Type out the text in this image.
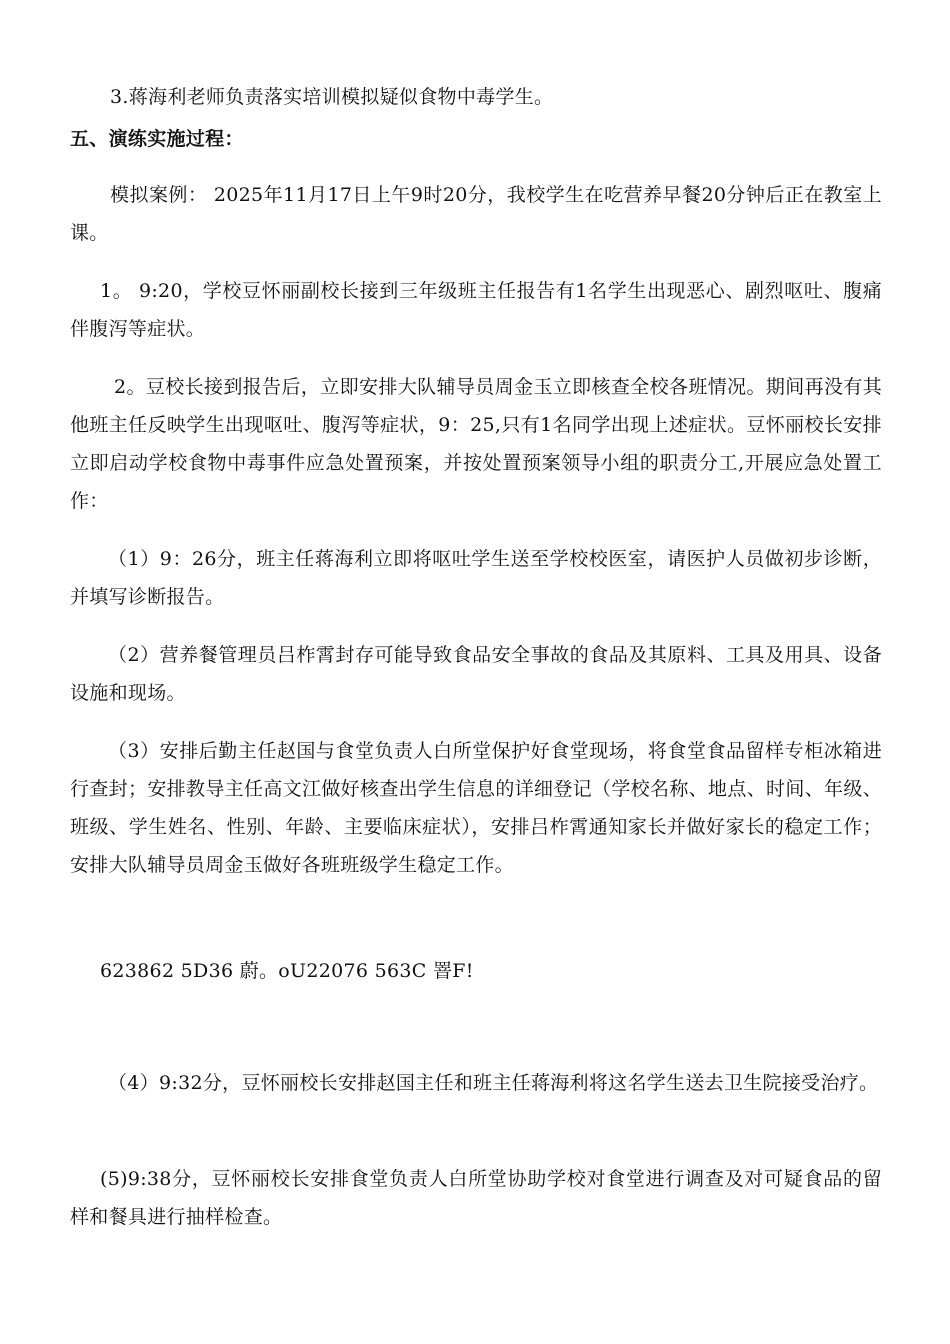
3.蒋海利老师负责落实培训模拟疑似食物中毒学生。

五、演练实施过程：

模拟案例： 2025年11月17日上午9时20分，我校学生在吃营养早餐20分钟后正在教室上课。

1。 9:20，学校豆怀丽副校长接到三年级班主任报告有1名学生出现恶心、剧烈呕吐、腹痛伴腹泻等症状。

2。豆校长接到报告后，立即安排大队辅导员周金玉立即核查全校各班情况。期间再没有其他班主任反映学生出现呕吐、腹泻等症状，9：25,只有1名同学出现上述症状。豆怀丽校长安排立即启动学校食物中毒事件应急处置预案，并按处置预案领导小组的职责分工,开展应急处置工作：

（1）9：26分，班主任蒋海利立即将呕吐学生送至学校校医室，请医护人员做初步诊断，并填写诊断报告。

（2）营养餐管理员吕柞霄封存可能导致食品安全事故的食品及其原料、工具及用具、设备设施和现场。

（3）安排后勤主任赵国与食堂负责人白所堂保护好食堂现场，将食堂食品留样专柜冰箱进行查封；安排教导主任高文江做好核查出学生信息的详细登记（学校名称、地点、时间、年级、班级、学生姓名、性别、年龄、主要临床症状），安排吕柞霄通知家长并做好家长的稳定工作；安排大队辅导员周金玉做好各班班级学生稳定工作。

623862 5D36 蔚。oU22076 563C 罯F!

（4）9:32分，豆怀丽校长安排赵国主任和班主任蒋海利将这名学生送去卫生院接受治疗。

(5)9:38分，豆怀丽校长安排食堂负责人白所堂协助学校对食堂进行调查及对可疑食品的留样和餐具进行抽样检查。
